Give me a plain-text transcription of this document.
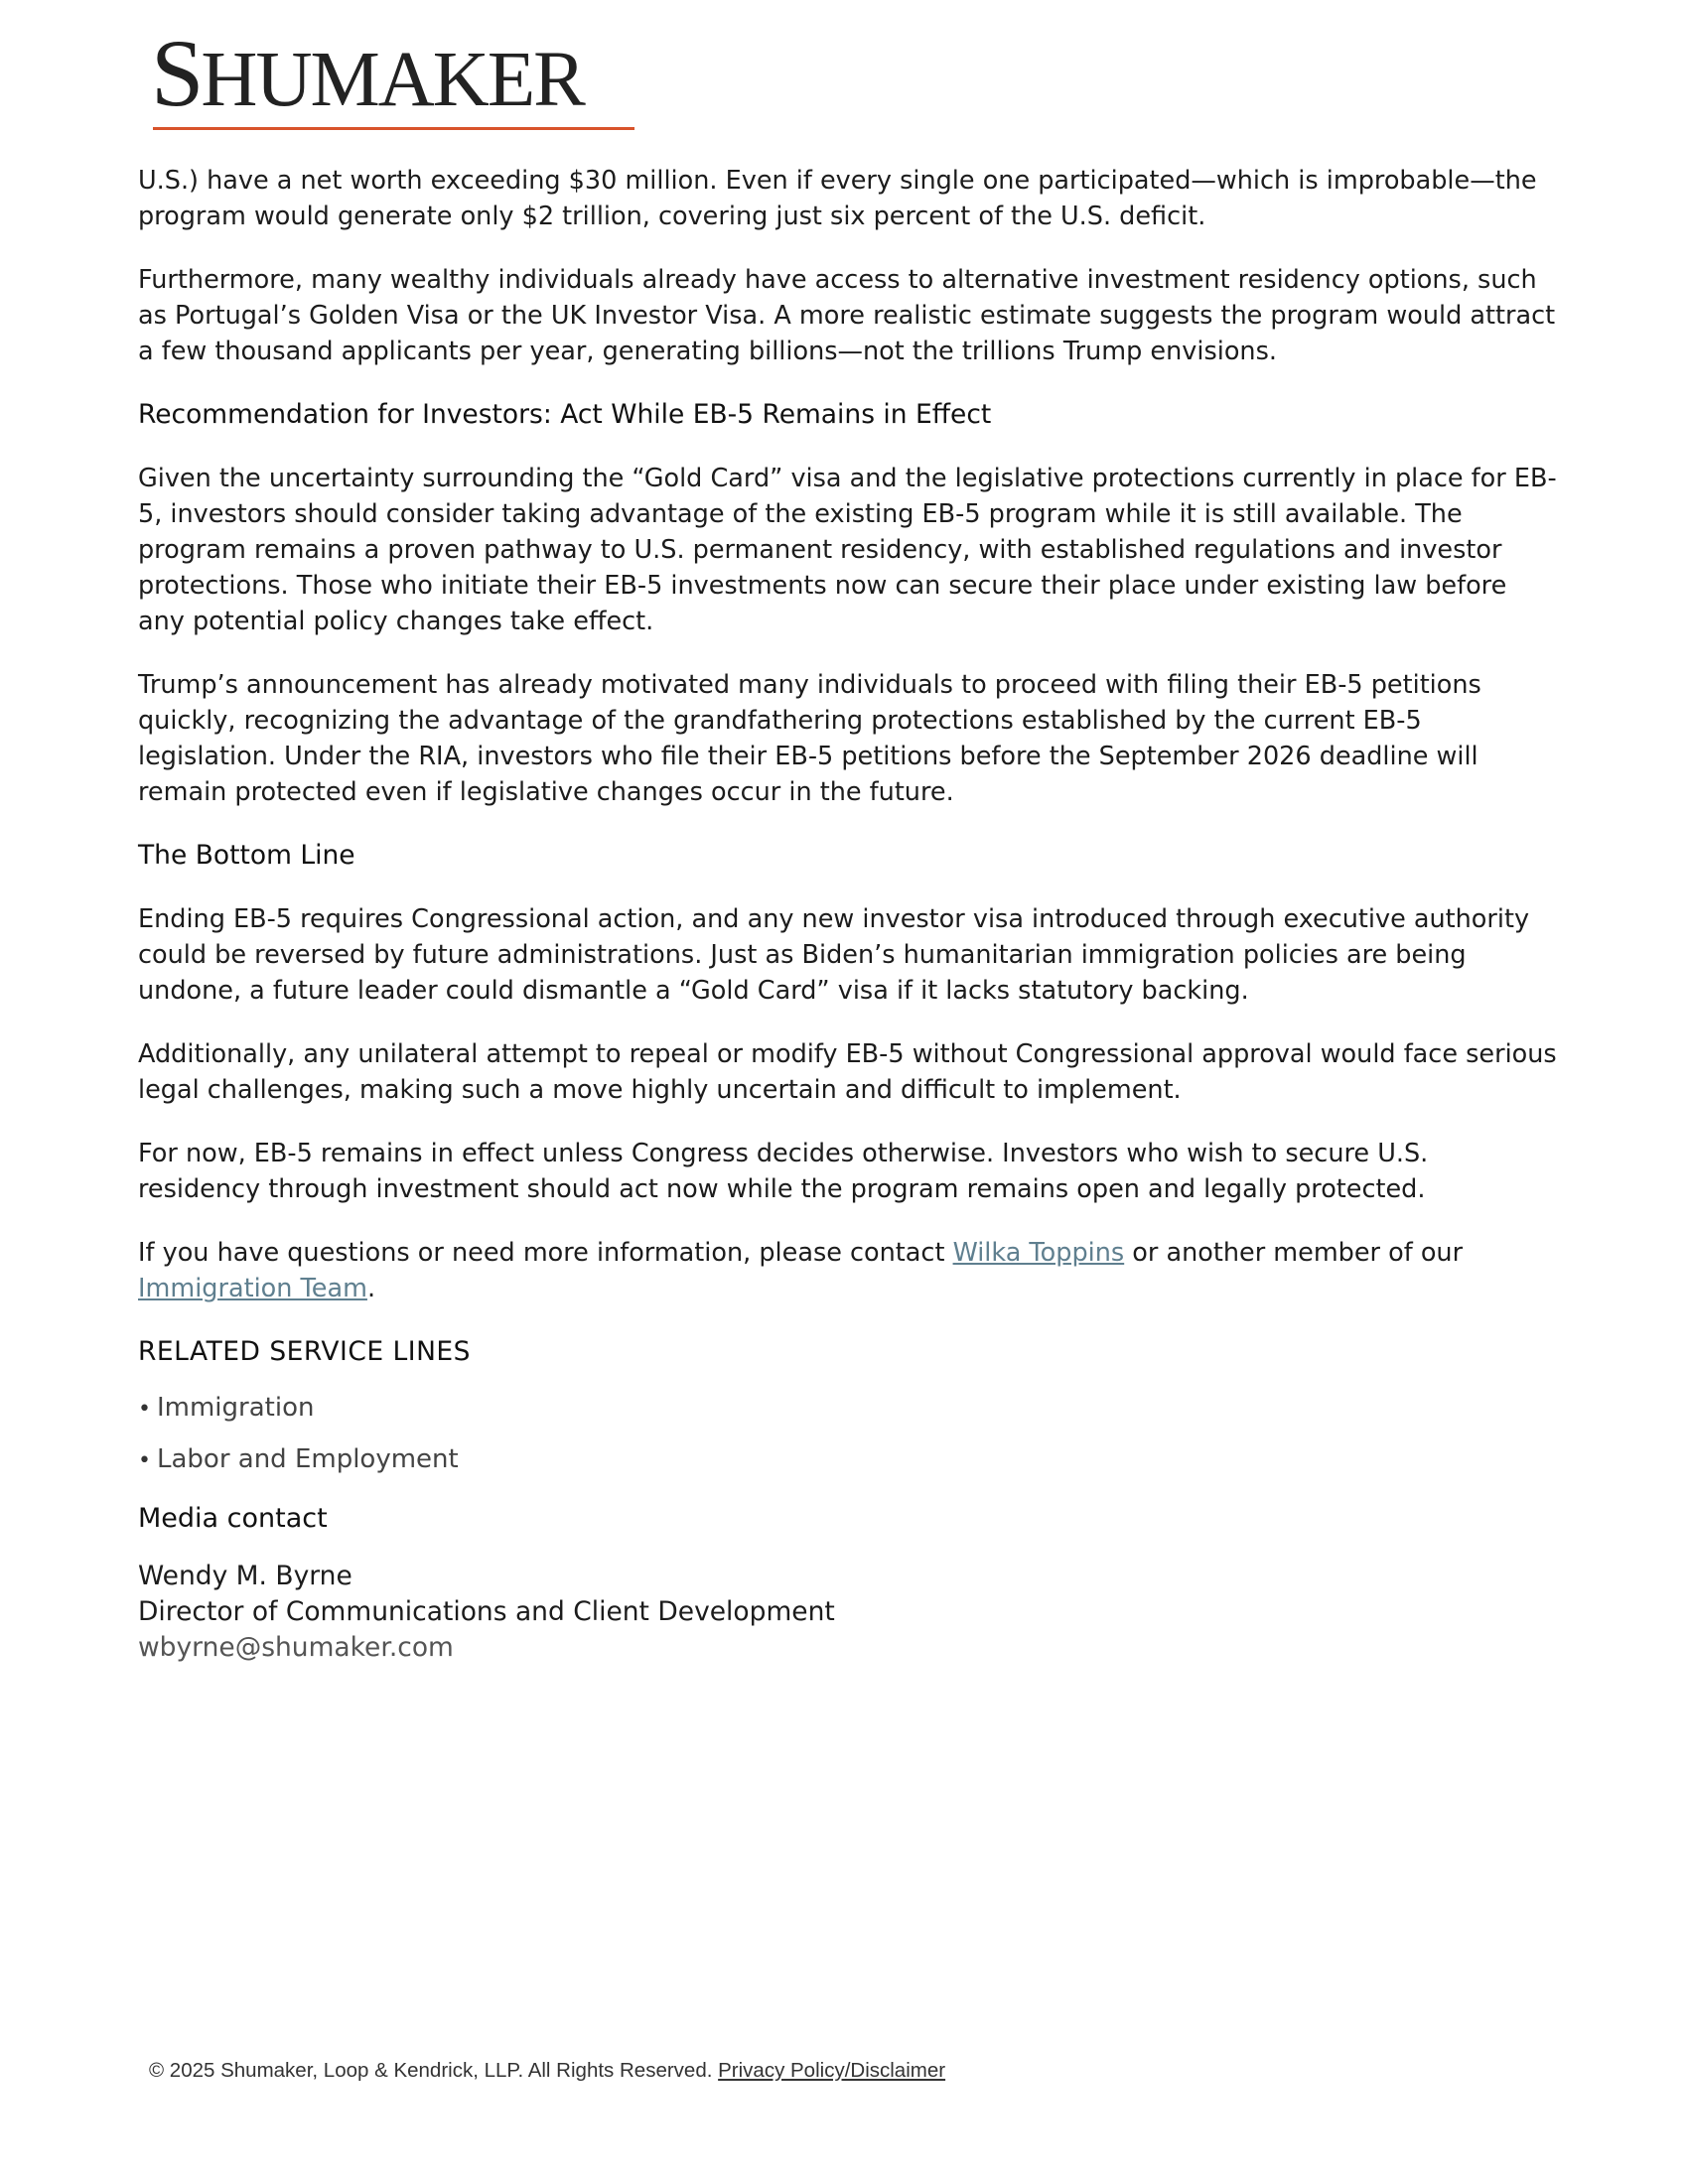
SHUMAKER

U.S.) have a net worth exceeding $30 million. Even if every single one participated—which is improbable—the program would generate only $2 trillion, covering just six percent of the U.S. deficit.

Furthermore, many wealthy individuals already have access to alternative investment residency options, such as Portugal’s Golden Visa or the UK Investor Visa. A more realistic estimate suggests the program would attract a few thousand applicants per year, generating billions—not the trillions Trump envisions.

Recommendation for Investors: Act While EB-5 Remains in Effect

Given the uncertainty surrounding the “Gold Card” visa and the legislative protections currently in place for EB-5, investors should consider taking advantage of the existing EB-5 program while it is still available. The program remains a proven pathway to U.S. permanent residency, with established regulations and investor protections. Those who initiate their EB-5 investments now can secure their place under existing law before any potential policy changes take effect.

Trump’s announcement has already motivated many individuals to proceed with filing their EB-5 petitions quickly, recognizing the advantage of the grandfathering protections established by the current EB-5 legislation. Under the RIA, investors who file their EB-5 petitions before the September 2026 deadline will remain protected even if legislative changes occur in the future.

The Bottom Line

Ending EB-5 requires Congressional action, and any new investor visa introduced through executive authority could be reversed by future administrations. Just as Biden’s humanitarian immigration policies are being undone, a future leader could dismantle a “Gold Card” visa if it lacks statutory backing.

Additionally, any unilateral attempt to repeal or modify EB-5 without Congressional approval would face serious legal challenges, making such a move highly uncertain and difficult to implement.

For now, EB-5 remains in effect unless Congress decides otherwise. Investors who wish to secure U.S. residency through investment should act now while the program remains open and legally protected.

If you have questions or need more information, please contact Wilka Toppins or another member of our Immigration Team.

RELATED SERVICE LINES
• Immigration
• Labor and Employment
Media contact
Wendy M. Byrne
Director of Communications and Client Development
wbyrne@shumaker.com
© 2025 Shumaker, Loop & Kendrick, LLP. All Rights Reserved. Privacy Policy/Disclaimer
